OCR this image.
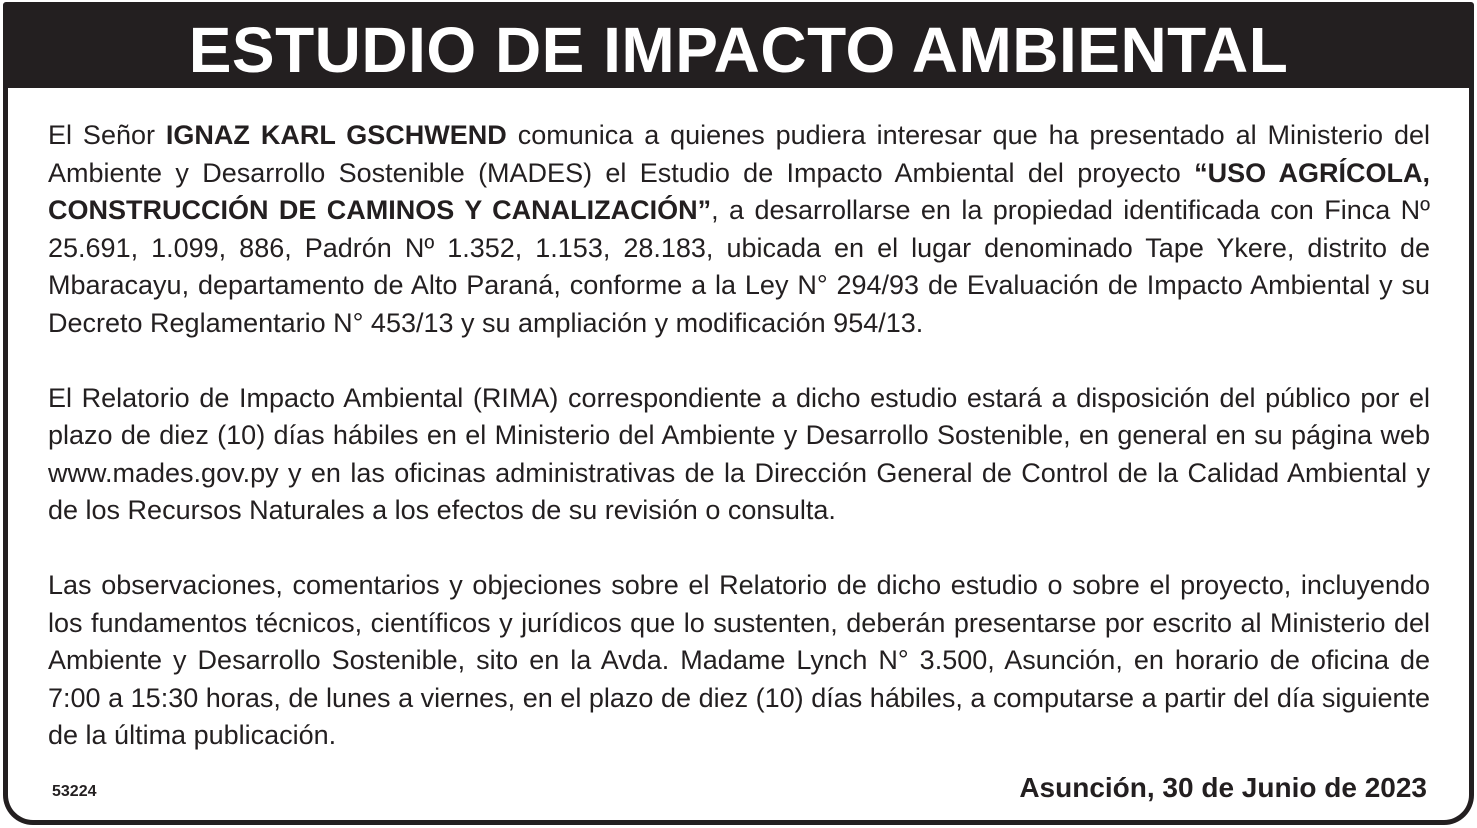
ESTUDIO DE IMPACTO AMBIENTAL

El Señor IGNAZ KARL GSCHWEND comunica a quienes pudiera interesar que ha presentado al Ministerio del Ambiente y Desarrollo Sostenible (MADES) el Estudio de Impacto Ambiental del proyecto “USO AGRÍCOLA, CONSTRUCCIÓN DE CAMINOS Y CANALIZACIÓN”, a desarrollarse en la propiedad identificada con Finca Nº 25.691, 1.099, 886, Padrón Nº 1.352, 1.153, 28.183, ubicada en el lugar denominado Tape Ykere, distrito de Mbaracayu, departamento de Alto Paraná, conforme a la Ley N° 294/93 de Evaluación de Impacto Ambiental y su Decreto Reglamentario N° 453/13 y su ampliación y modificación 954/13.

El Relatorio de Impacto Ambiental (RIMA) correspondiente a dicho estudio estará a disposición del público por el plazo de diez (10) días hábiles en el Ministerio del Ambiente y Desarrollo Sostenible, en general en su página web www.mades.gov.py y en las oficinas administrativas de la Dirección General de Control de la Calidad Ambiental y de los Recursos Naturales a los efectos de su revisión o consulta.

Las observaciones, comentarios y objeciones sobre el Relatorio de dicho estudio o sobre el proyecto, incluyendo los fundamentos técnicos, científicos y jurídicos que lo sustenten, deberán presentarse por escrito al Ministerio del Ambiente y Desarrollo Sostenible, sito en la Avda. Madame Lynch N° 3.500, Asunción, en horario de oficina de 7:00 a 15:30 horas, de lunes a viernes, en el plazo de diez (10) días hábiles, a computarse a partir del día siguiente de la última publicación.

53224	Asunción, 30 de Junio de 2023
